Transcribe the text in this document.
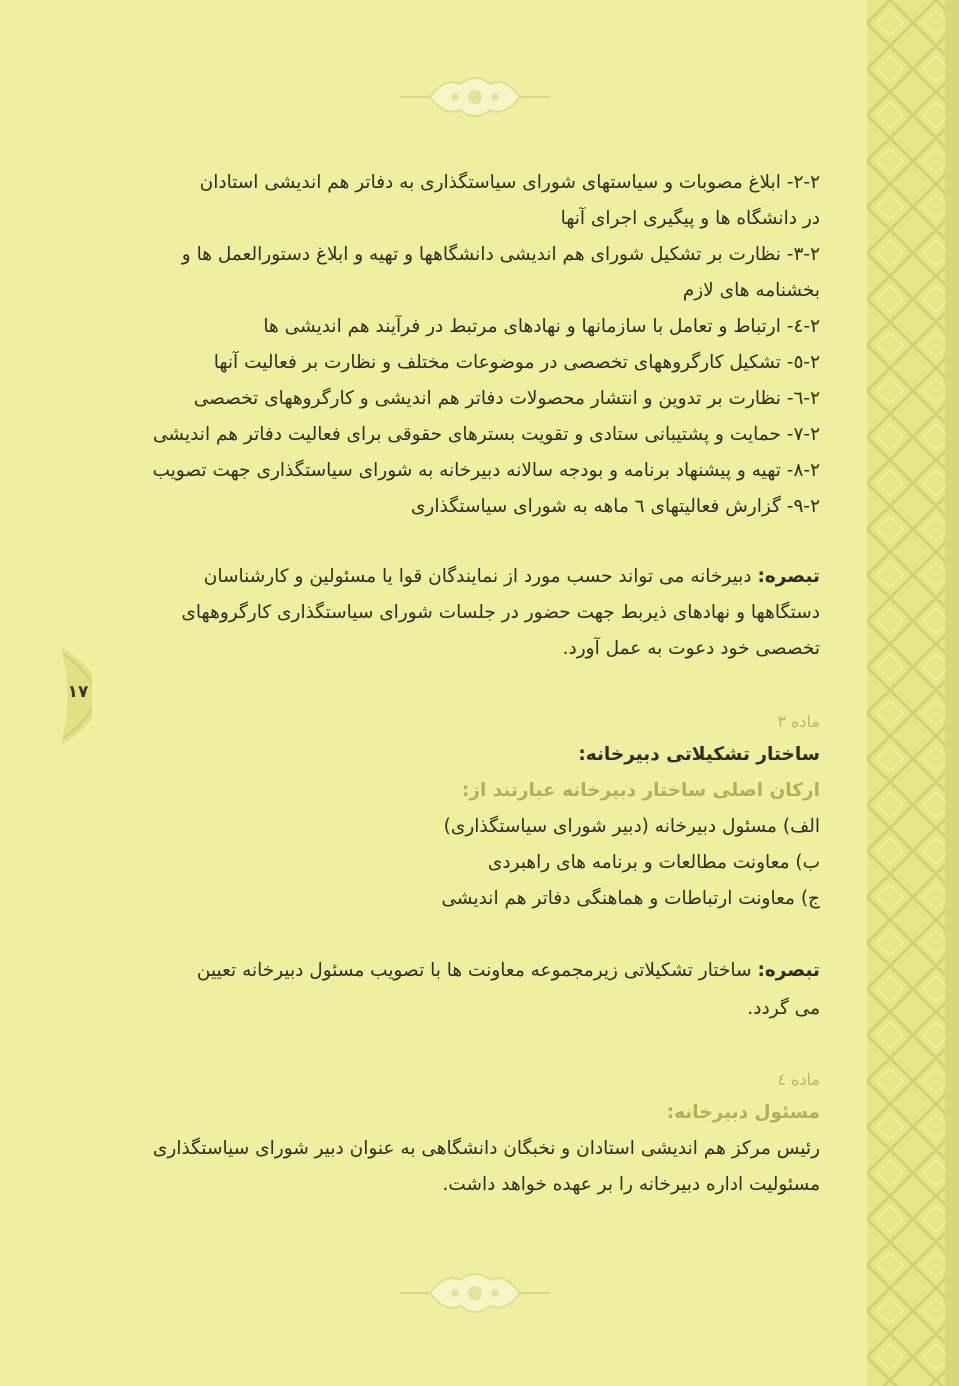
١٧
٢-٢- ابلاغ مصوبات و سیاستهای شورای سیاستگذاری به دفاتر هم اندیشی استادان
در دانشگاه ها و پیگیری اجرای آنها
٢-٣- نظارت بر تشکیل شورای هم اندیشی دانشگاهها و تهیه و ابلاغ دستورالعمل ها و
بخشنامه های لازم
٢-٤- ارتباط و تعامل با سازمانها و نهادهای مرتبط در فرآیند هم اندیشی ها
٢-٥- تشکیل کارگروههای تخصصی در موضوعات مختلف و نظارت بر فعالیت آنها
٢-٦- نظارت بر تدوین و انتشار محصولات دفاتر هم اندیشی و کارگروههای تخصصی
٢-٧- حمایت و پشتیبانی ستادی و تقویت بسترهای حقوقی برای فعالیت دفاتر هم اندیشی
٢-٨- تهیه و پیشنهاد برنامه و بودجه سالانه دبیرخانه به شورای سیاستگذاری جهت تصویب
٢-٩- گزارش فعالیتهای ٦ ماهه به شورای سیاستگذاری
تبصره: دبیرخانه می تواند حسب مورد از نمایندگان قوا یا مسئولین و کارشناسان
دستگاهها و نهادهای ذیربط جهت حضور در جلسات شورای سیاستگذاری کارگروههای
تخصصی خود دعوت به عمل آورد.
ماده ٣
ساختار تشکیلاتی دبیرخانه:
ارکان اصلی ساختار دبیرخانه عبارتند از:
الف) مسئول دبیرخانه (دبیر شورای سیاستگذاری)
ب) معاونت مطالعات و برنامه های راهبردی
ج) معاونت ارتباطات و هماهنگی دفاتر هم اندیشی
تبصره: ساختار تشکیلاتی زیرمجموعه معاونت ها با تصویب مسئول دبیرخانه تعیین
می گردد.
ماده ٤
مسئول دبیرخانه:
رئیس مرکز هم اندیشی استادان و نخبگان دانشگاهی به عنوان دبیر شورای سیاستگذاری
مسئولیت اداره دبیرخانه را بر عهده خواهد داشت.
